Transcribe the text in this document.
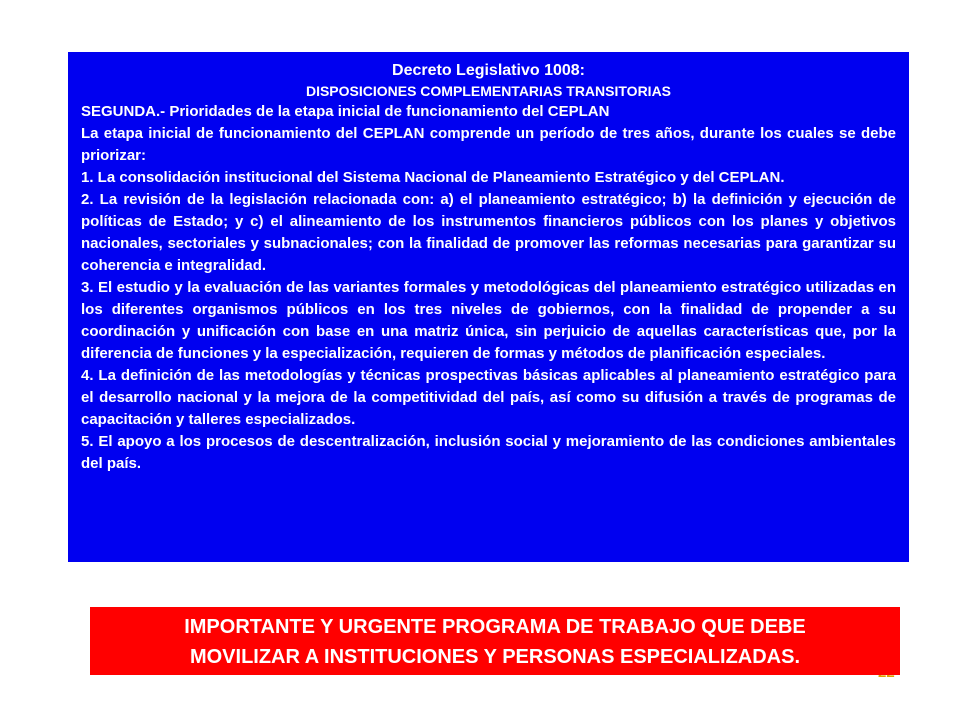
Decreto Legislativo 1008:

DISPOSICIONES COMPLEMENTARIAS TRANSITORIAS

SEGUNDA.- Prioridades de la etapa inicial de funcionamiento del CEPLAN

La etapa inicial de funcionamiento del CEPLAN comprende un período de tres años, durante los cuales se debe priorizar:

1. La consolidación institucional del Sistema Nacional de Planeamiento Estratégico y del CEPLAN.

2. La revisión de la legislación relacionada con: a) el planeamiento estratégico; b) la definición y ejecución de políticas de Estado; y c) el alineamiento de los instrumentos financieros públicos con los planes y objetivos nacionales, sectoriales y subnacionales; con la finalidad de promover las reformas necesarias para garantizar su coherencia e integralidad.

3. El estudio y la evaluación de las variantes formales y metodológicas del planeamiento estratégico utilizadas en los diferentes organismos públicos en los tres niveles de gobiernos, con la finalidad de propender a su coordinación y unificación con base en una matriz única, sin perjuicio de aquellas características que, por la diferencia de funciones y la especialización, requieren de formas y métodos de planificación especiales.

4. La definición de las metodologías y técnicas prospectivas básicas aplicables al planeamiento estratégico para el desarrollo nacional y la mejora de la competitividad del país, así como su difusión a través de programas de capacitación y talleres especializados.

5. El apoyo a los procesos de descentralización, inclusión social y mejoramiento de las condiciones ambientales del país.

IMPORTANTE Y URGENTE PROGRAMA DE TRABAJO QUE DEBE
MOVILIZAR A INSTITUCIONES Y PERSONAS ESPECIALIZADAS.
